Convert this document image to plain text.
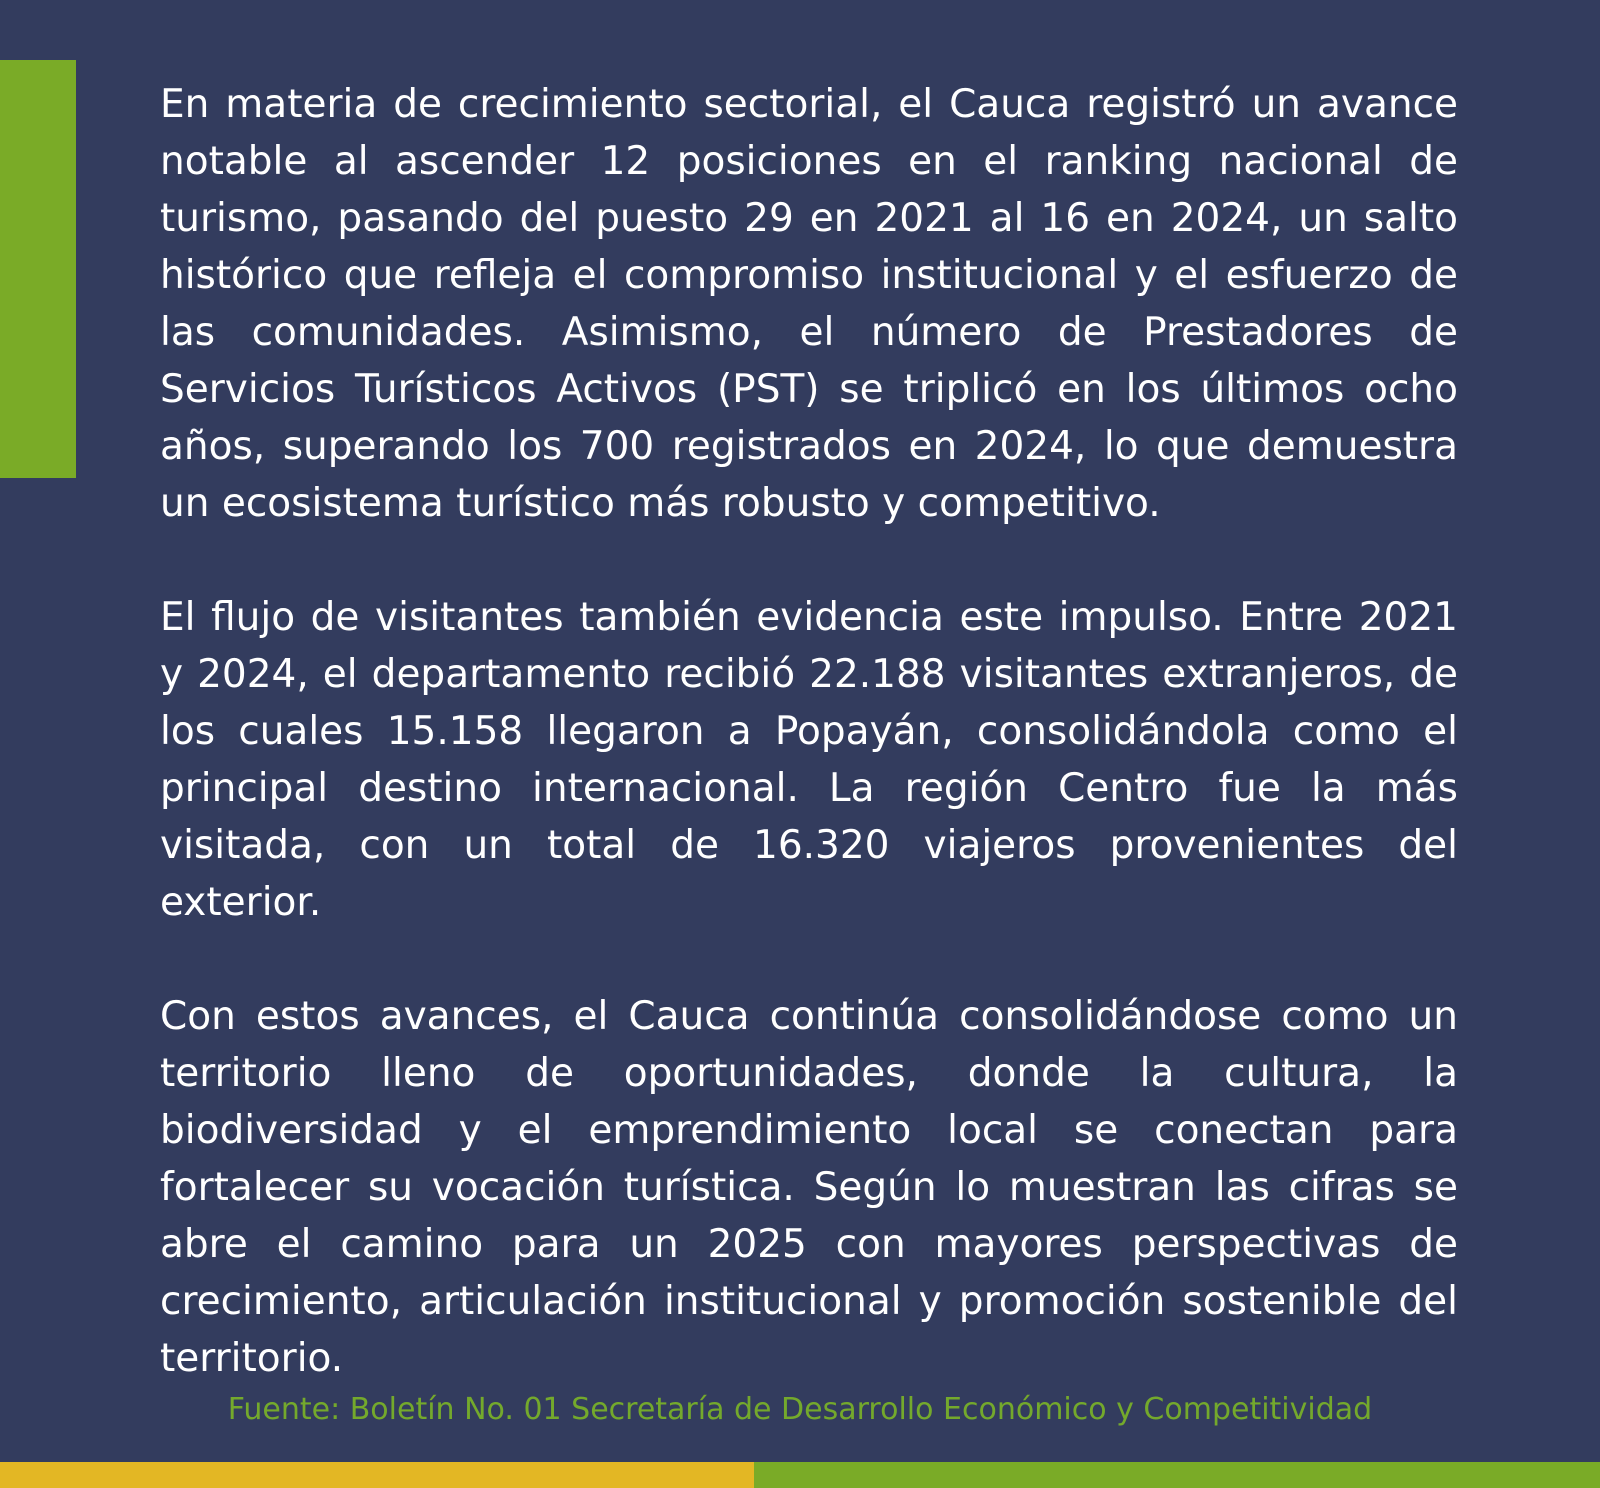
En materia de crecimiento sectorial, el Cauca registró un avance notable al ascender 12 posiciones en el ranking nacional de turismo, pasando del puesto 29 en 2021 al 16 en 2024, un salto histórico que refleja el compromiso institucional y el esfuerzo de las comunidades. Asimismo, el número de Prestadores de Servicios Turísticos Activos (PST) se triplicó en los últimos ocho años, superando los 700 registrados en 2024, lo que demuestra un ecosistema turístico más robusto y competitivo.

El flujo de visitantes también evidencia este impulso. Entre 2021 y 2024, el departamento recibió 22.188 visitantes extranjeros, de los cuales 15.158 llegaron a Popayán, consolidándola como el principal destino internacional. La región Centro fue la más visitada, con un total de 16.320 viajeros provenientes del exterior.

Con estos avances, el Cauca continúa consolidándose como un territorio lleno de oportunidades, donde la cultura, la biodiversidad y el emprendimiento local se conectan para fortalecer su vocación turística. Según lo muestran las cifras se abre el camino para un 2025 con mayores perspectivas de crecimiento, articulación institucional y promoción sostenible del territorio.

Fuente: Boletín No. 01 Secretaría de Desarrollo Económico y Competitividad
